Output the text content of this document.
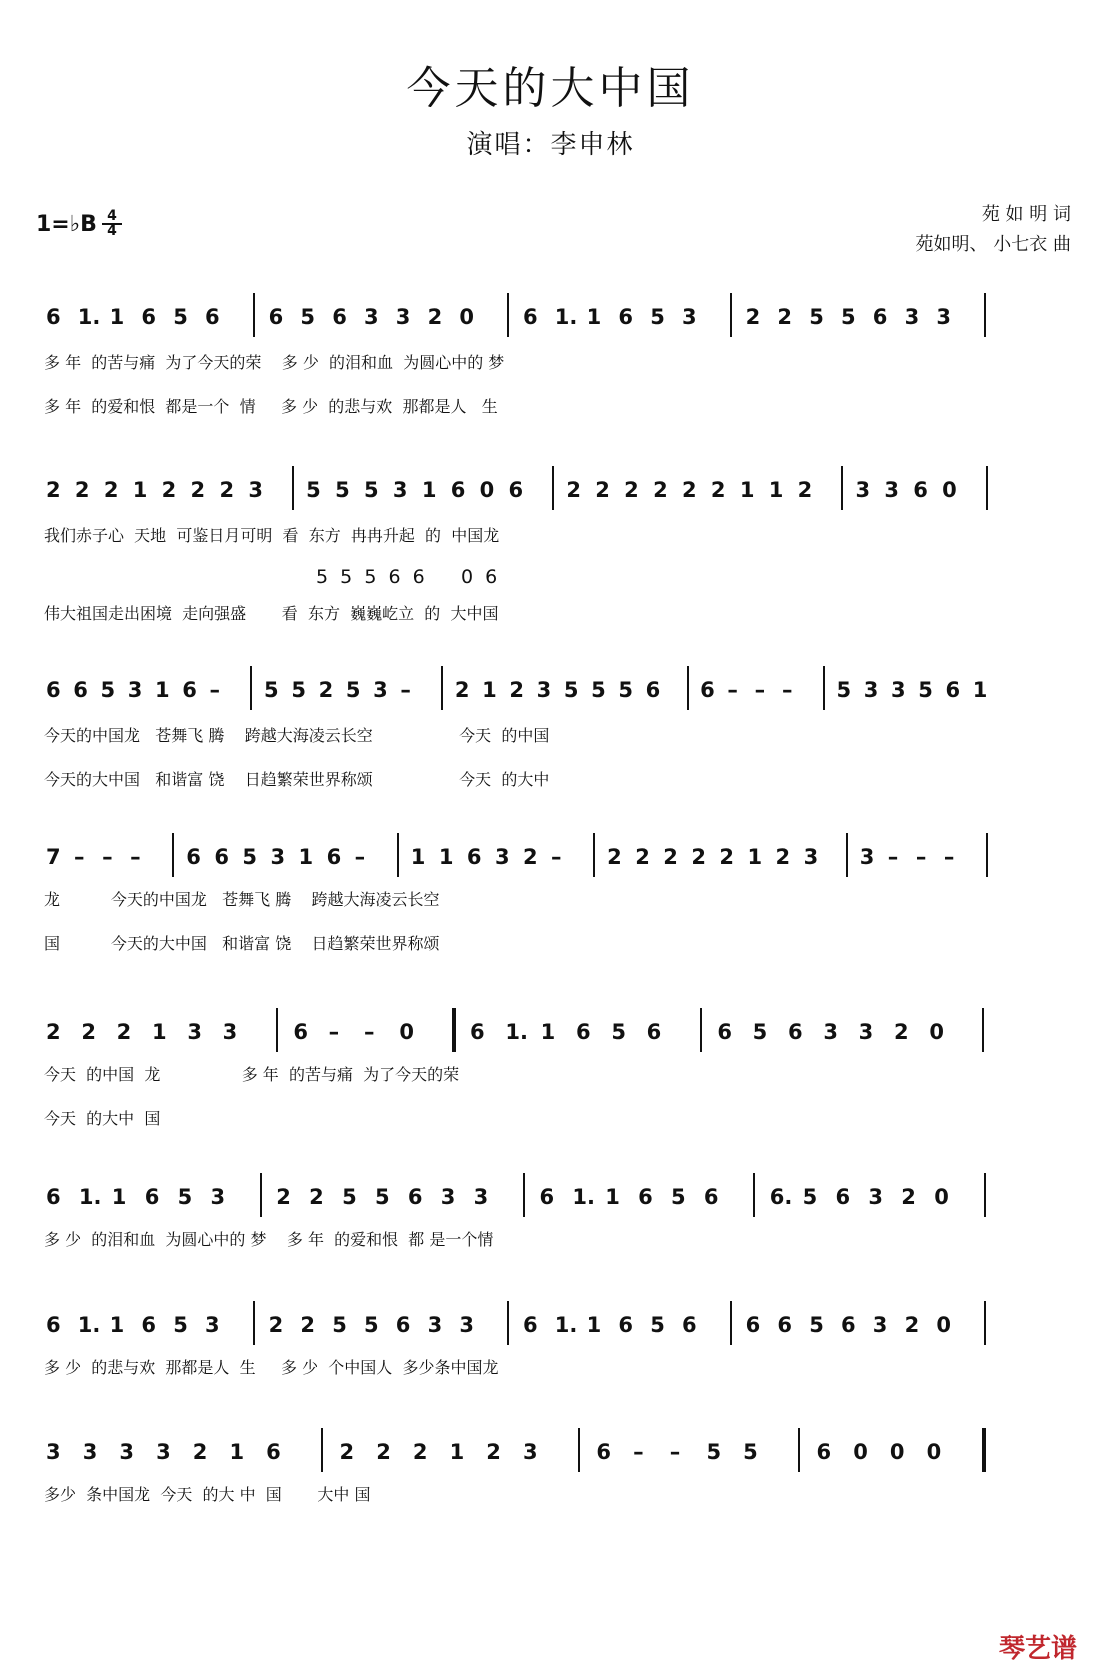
今天的大中国
演唱：李申林
1=♭B 4
4
苑 如 明 词
苑如明、 小七衣 曲
6 1. 1 6 5 6 6 5 6 3 3 2 0 6 1. 1 6 5 3 2 2 5 5 6 3 3
多 年  的苦与痛  为了今天的荣    多 少  的泪和血  为圆心中的 梦
多 年  的爱和恨  都是一个  情     多 少  的悲与欢  那都是人   生
2 2 2 1 2 2 2 3 5 5 5 3 1 6 0 6 2 2 2 2 2 2 1 1 2 3 3 6 0
5  5  5  6  6      0  6
我们赤子心  天地  可鉴日月可明  看  东方  冉冉升起  的  中国龙
伟大祖国走出困境  走向强盛       看  东方  巍巍屹立  的  大中国
6 6 5 3 1 6 – 5 5 2 5 3 – 2 1 2 3 5 5 5 6 6 – – – 5 3 3 5 6 1
今天的中国龙   苍舞飞 腾    跨越大海凌云长空                 今天  的中国
今天的大中国   和谐富 饶    日趋繁荣世界称颂                 今天  的大中
7 – – – 6 6 5 3 1 6 – 1 1 6 3 2 – 2 2 2 2 2 1 2 3 3 – – –
龙          今天的中国龙   苍舞飞 腾    跨越大海凌云长空
国          今天的大中国   和谐富 饶    日趋繁荣世界称颂
2 2 2 1 3 3	6 – – 0	6 1. 1 6 5 6	6 5 6 3 3 2 0
今天  的中国  龙                多 年  的苦与痛  为了今天的荣
今天  的大中  国
6 1. 1 6 5 3 2 2 5 5 6 3 3 6 1. 1 6 5 6 6. 5 6 3 2 0
多 少  的泪和血  为圆心中的 梦    多 年  的爱和恨  都 是一个情
6 1. 1 6 5 3 2 2 5 5 6 3 3 6 1. 1 6 5 6 6 6 5 6 3 2 0
多 少  的悲与欢  那都是人  生     多 少  个中国人  多少条中国龙
3 3 3 3 2 1 6	2 2 2 1 2 3	6 – – 5 5	6 0 0 0
多少  条中国龙  今天  的大 中  国       大中 国
琴艺谱
